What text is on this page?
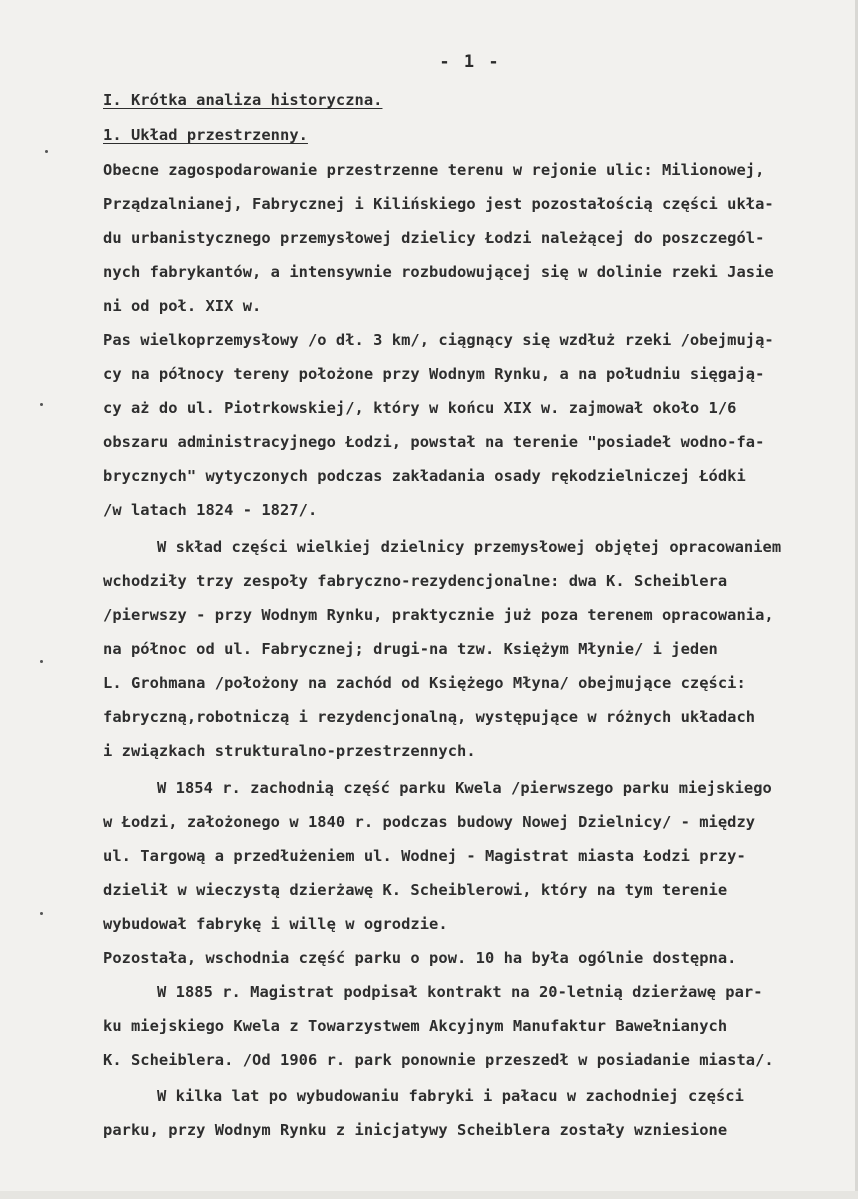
- 1 -
I. Krótka analiza historyczna.
1. Układ przestrzenny.
Obecne zagospodarowanie przestrzenne terenu w rejonie ulic: Milionowej,
Prządzalnianej, Fabrycznej i Kilińskiego jest pozostałością części ukła-
du urbanistycznego przemysłowej dzielicy Łodzi należącej do poszczegól-
nych fabrykantów, a intensywnie rozbudowującej się w dolinie rzeki Jasie
ni od poł. XIX w.
Pas wielkoprzemysłowy /o dł. 3 km/, ciągnący się wzdłuż rzeki /obejmują-
cy na północy tereny położone przy Wodnym Rynku, a na południu sięgają-
cy aż do ul. Piotrkowskiej/, który w końcu XIX w. zajmował około 1/6
obszaru administracyjnego Łodzi, powstał na terenie "posiadeł wodno-fa-
brycznych" wytyczonych podczas zakładania osady rękodzielniczej Łódki
/w latach 1824 - 1827/.
W skład części wielkiej dzielnicy przemysłowej objętej opracowaniem
wchodziły trzy zespoły fabryczno-rezydencjonalne: dwa K. Scheiblera
/pierwszy - przy Wodnym Rynku, praktycznie już poza terenem opracowania,
na północ od ul. Fabrycznej; drugi-na tzw. Księżym Młynie/ i jeden
L. Grohmana /położony na zachód od Księżego Młyna/ obejmujące części:
fabryczną,robotniczą i rezydencjonalną, występujące w różnych układach
i związkach strukturalno-przestrzennych.
W 1854 r. zachodnią część parku Kwela /pierwszego parku miejskiego
w Łodzi, założonego w 1840 r. podczas budowy Nowej Dzielnicy/ - między
ul. Targową a przedłużeniem ul. Wodnej - Magistrat miasta Łodzi przy-
dzielił w wieczystą dzierżawę K. Scheiblerowi, który na tym terenie
wybudował fabrykę i willę w ogrodzie.
Pozostała, wschodnia część parku o pow. 10 ha była ogólnie dostępna.
W 1885 r. Magistrat podpisał kontrakt na 20-letnią dzierżawę par-
ku miejskiego Kwela z Towarzystwem Akcyjnym Manufaktur Bawełnianych
K. Scheiblera. /Od 1906 r. park ponownie przeszedł w posiadanie miasta/.
W kilka lat po wybudowaniu fabryki i pałacu w zachodniej części
parku, przy Wodnym Rynku z inicjatywy Scheiblera zostały wzniesione
